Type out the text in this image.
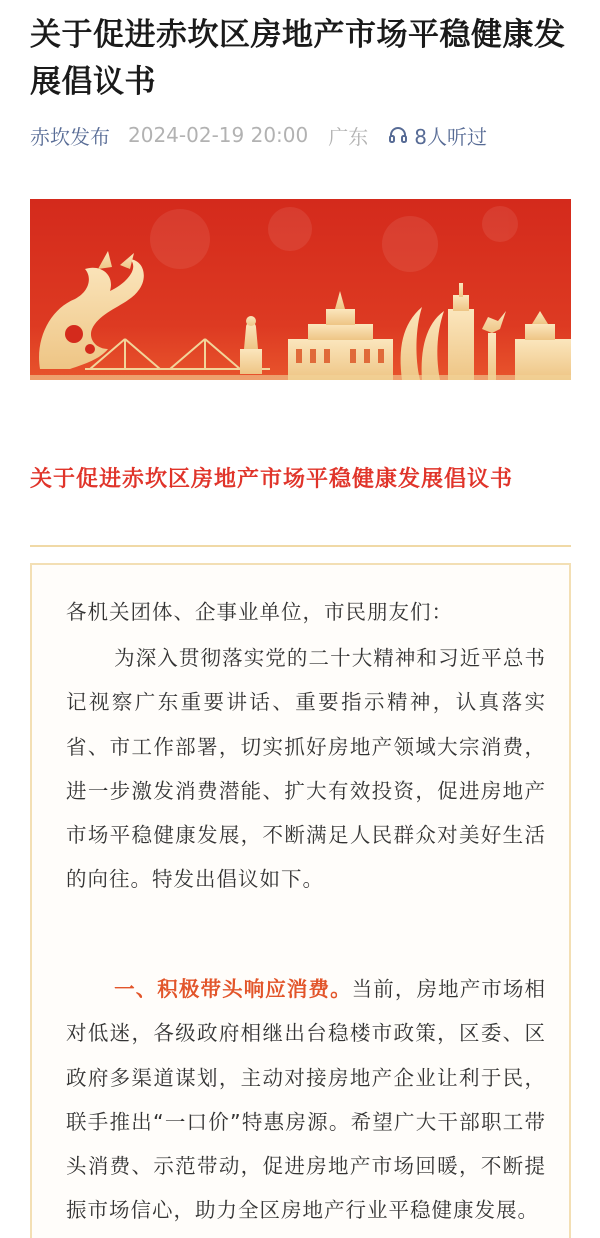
关于促进赤坎区房地产市场平稳健康发展倡议书
赤坎发布 2024-02-19 20:00 广东 8人听过
关于促进赤坎区房地产市场平稳健康发展倡议书

各机关团体、企事业单位，市民朋友们：

为深入贯彻落实党的二十大精神和习近平总书记视察广东重要讲话、重要指示精神，认真落实省、市工作部署，切实抓好房地产领域大宗消费，进一步激发消费潜能、扩大有效投资，促进房地产市场平稳健康发展，不断满足人民群众对美好生活的向往。特发出倡议如下。

一、积极带头响应消费。当前，房地产市场相对低迷，各级政府相继出台稳楼市政策，区委、区政府多渠道谋划，主动对接房地产企业让利于民，联手推出“一口价”特惠房源。希望广大干部职工带头消费、示范带动，促进房地产市场回暖，不断提振市场信心，助力全区房地产行业平稳健康发展。
